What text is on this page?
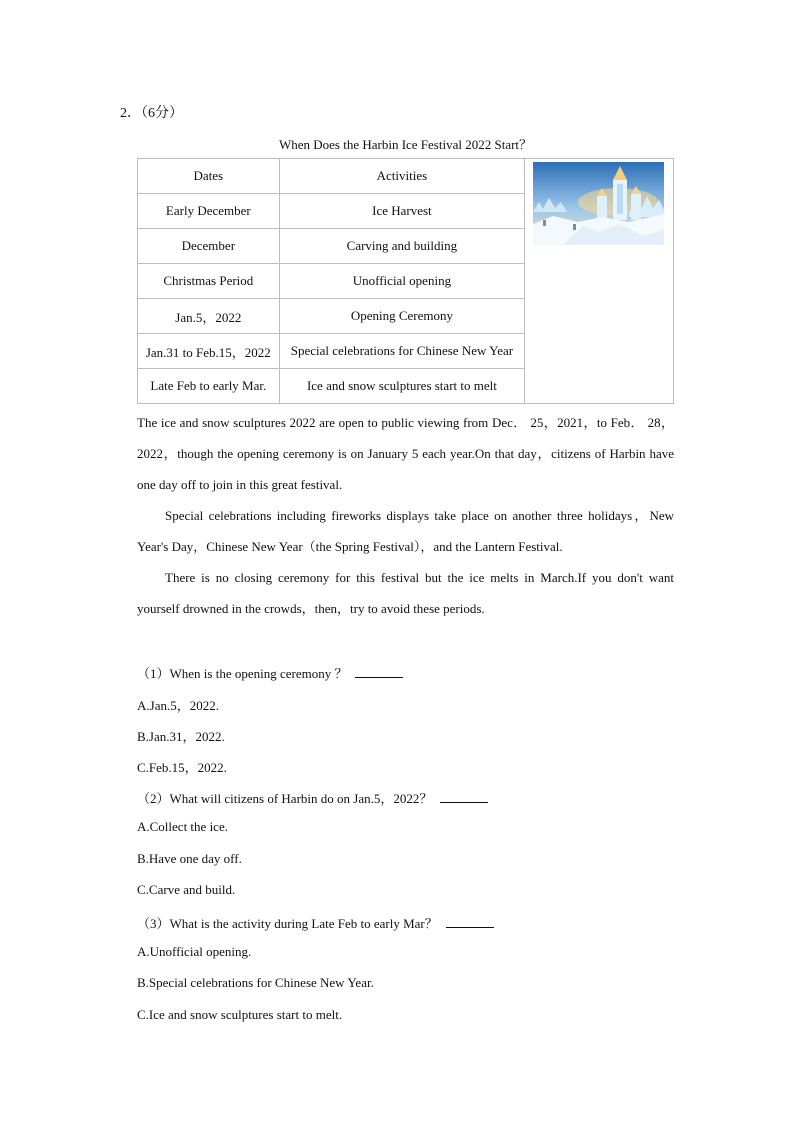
2．（6分）
When Does the Harbin Ice Festival 2022 Start？
Dates	Activities	

Early December	Ice Harvest	
December	Carving and building	
Christmas Period	Unofficial opening	
Jan.5，2022	Opening Ceremony	
Jan.31 to Feb.15，2022	Special celebrations for Chinese New Year	
Late Feb to early Mar.	Ice and snow sculptures start to melt	

The ice and snow sculptures 2022 are open to public viewing from Dec． 25，2021，to Feb． 28，2022，though the opening ceremony is on January 5 each year.On that day，citizens of Harbin have one day off to join in this great festival.

Special celebrations including fireworks displays take place on another three holidays，New Year's Day，Chinese New Year（the Spring Festival），and the Lantern Festival.

There is no closing ceremony for this festival but the ice melts in March.If you don't want yourself drowned in the crowds，then，try to avoid these periods.

（1）When is the opening ceremony ？
A.Jan.5，2022.
B.Jan.31，2022.
C.Feb.15，2022.
（2）What will citizens of Harbin do on Jan.5，2022？
A.Collect the ice.
B.Have one day off.
C.Carve and build.
（3）What is the activity during Late Feb to early Mar？
A.Unofficial opening.
B.Special celebrations for Chinese New Year.
C.Ice and snow sculptures start to melt.
